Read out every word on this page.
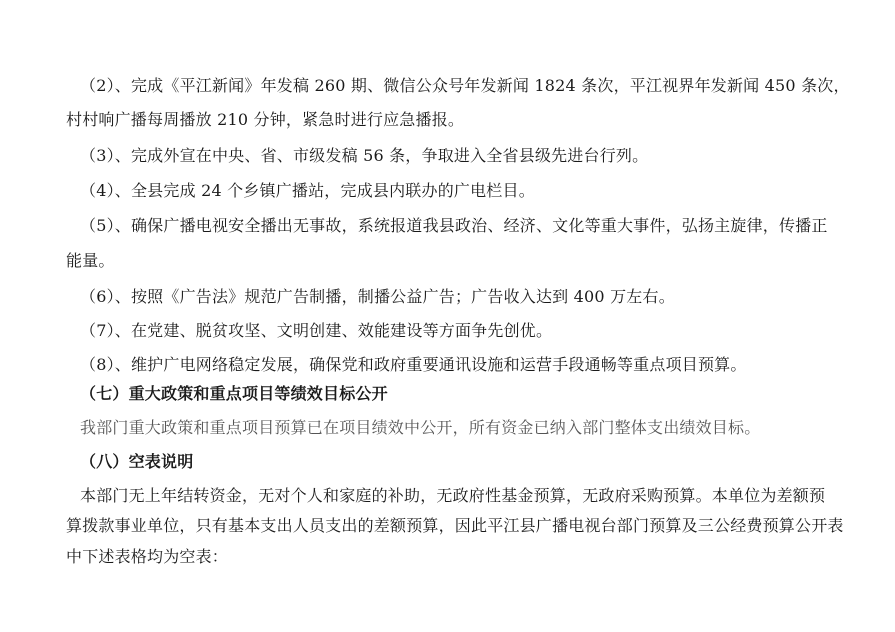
（2）、完成《平江新闻》年发稿 260 期、微信公众号年发新闻 1824 条次，平江视界年发新闻 450 条次，
村村响广播每周播放 210 分钟，紧急时进行应急播报。
（3）、完成外宣在中央、省、市级发稿 56 条，争取进入全省县级先进台行列。
（4）、全县完成 24 个乡镇广播站，完成县内联办的广电栏目。
（5）、确保广播电视安全播出无事故，系统报道我县政治、经济、文化等重大事件，弘扬主旋律，传播正
能量。
（6）、按照《广告法》规范广告制播，制播公益广告；广告收入达到 400 万左右。
（7）、在党建、脱贫攻坚、文明创建、效能建设等方面争先创优。
（8）、维护广电网络稳定发展，确保党和政府重要通讯设施和运营手段通畅等重点项目预算。
（七）重大政策和重点项目等绩效目标公开
我部门重大政策和重点项目预算已在项目绩效中公开，所有资金已纳入部门整体支出绩效目标。
（八）空表说明
本部门无上年结转资金，无对个人和家庭的补助，无政府性基金预算，无政府采购预算。本单位为差额预
算拨款事业单位，只有基本支出人员支出的差额预算，因此平江县广播电视台部门预算及三公经费预算公开表
中下述表格均为空表：
